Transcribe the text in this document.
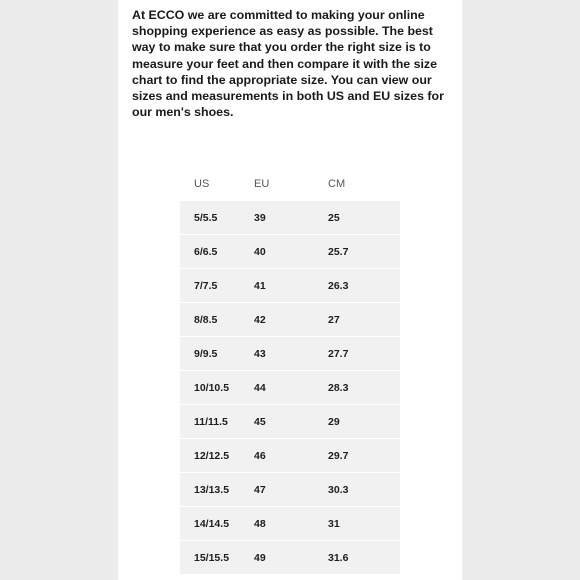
At ECCO we are committed to making your online shopping experience as easy as possible. The best way to make sure that you order the right size is to measure your feet and then compare it with the size chart to find the appropriate size. You can view our sizes and measurements in both US and EU sizes for our men's shoes.

US	EU	CM
5/5.5	39	25
6/6.5	40	25.7
7/7.5	41	26.3
8/8.5	42	27
9/9.5	43	27.7
10/10.5	44	28.3
11/11.5	45	29
12/12.5	46	29.7
13/13.5	47	30.3
14/14.5	48	31
15/15.5	49	31.6
